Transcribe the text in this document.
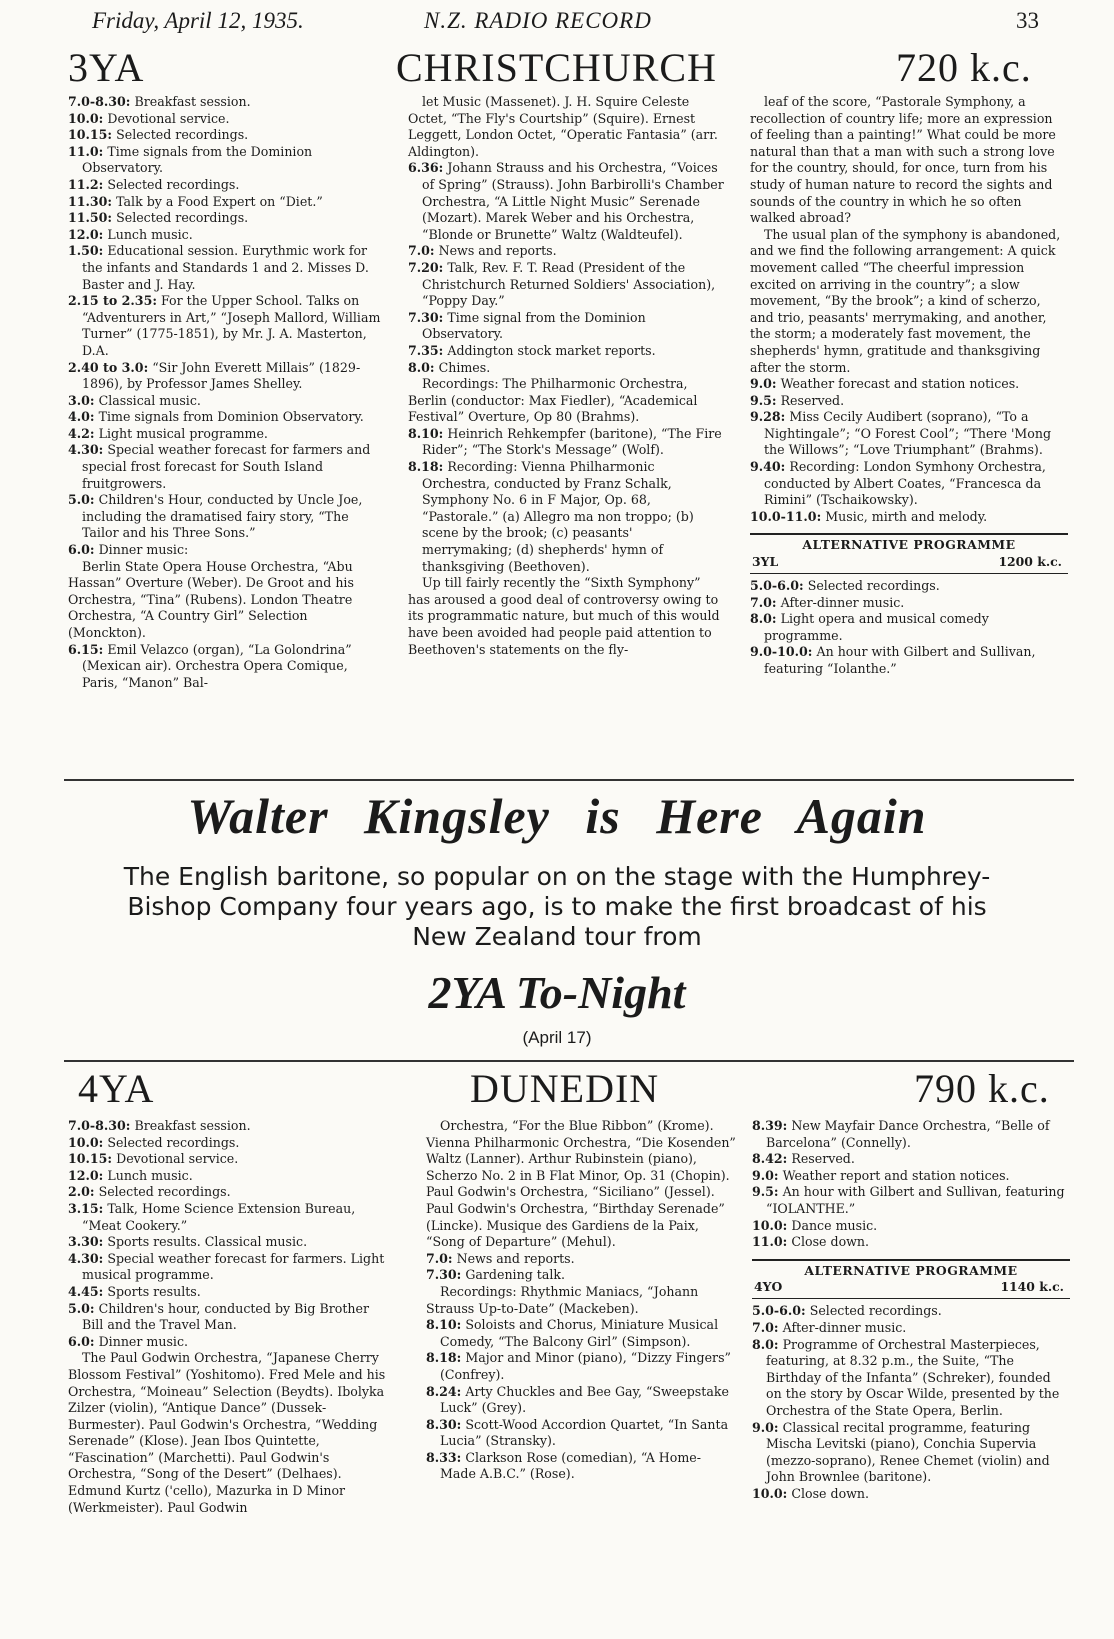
Friday, April 12, 1935.	N.Z. RADIO RECORD	33
3YA	CHRISTCHURCH	720 k.c.

7.0-8.30: Breakfast session.

10.0: Devotional service.

10.15: Selected recordings.

11.0: Time signals from the Dominion Observatory.

11.2: Selected recordings.

11.30: Talk by a Food Expert on “Diet.”

11.50: Selected recordings.

12.0: Lunch music.

1.50: Educational session. Eurythmic work for the infants and Standards 1 and 2. Misses D. Baster and J. Hay.

2.15 to 2.35: For the Upper School. Talks on “Adventurers in Art,” “Joseph Mallord, William Turner” (1775-1851), by Mr. J. A. Masterton, D.A.

2.40 to 3.0: “Sir John Everett Millais” (1829-1896), by Professor James Shelley.

3.0: Classical music.

4.0: Time signals from Dominion Observatory.

4.2: Light musical programme.

4.30: Special weather forecast for farmers and special frost forecast for South Island fruitgrowers.

5.0: Children's Hour, conducted by Uncle Joe, including the dramatised fairy story, “The Tailor and his Three Sons.”

6.0: Dinner music:

Berlin State Opera House Orchestra, “Abu Hassan” Overture (Weber). De Groot and his Orchestra, “Tina” (Rubens). London Theatre Orchestra, “A Country Girl” Selection (Monckton).

6.15: Emil Velazco (organ), “La Golondrina” (Mexican air). Orchestra Opera Comique, Paris, “Manon” Bal-

let Music (Massenet). J. H. Squire Celeste Octet, “The Fly's Courtship” (Squire). Ernest Leggett, London Octet, “Operatic Fantasia” (arr. Aldington).

6.36: Johann Strauss and his Orchestra, “Voices of Spring” (Strauss). John Barbirolli's Chamber Orchestra, “A Little Night Music” Serenade (Mozart). Marek Weber and his Orchestra, “Blonde or Brunette” Waltz (Waldteufel).

7.0: News and reports.

7.20: Talk, Rev. F. T. Read (President of the Christchurch Returned Soldiers' Association), “Poppy Day.”

7.30: Time signal from the Dominion Observatory.

7.35: Addington stock market reports.

8.0: Chimes.

Recordings: The Philharmonic Orchestra, Berlin (conductor: Max Fiedler), “Academical Festival” Overture, Op 80 (Brahms).

8.10: Heinrich Rehkempfer (baritone), “The Fire Rider”; “The Stork's Message” (Wolf).

8.18: Recording: Vienna Philharmonic Orchestra, conducted by Franz Schalk, Symphony No. 6 in F Major, Op. 68, “Pastorale.” (a) Allegro ma non troppo; (b) scene by the brook; (c) peasants' merrymaking; (d) shepherds' hymn of thanksgiving (Beethoven).

Up till fairly recently the “Sixth Symphony” has aroused a good deal of controversy owing to its programmatic nature, but much of this would have been avoided had people paid attention to Beethoven's statements on the fly-

leaf of the score, “Pastorale Symphony, a recollection of country life; more an expression of feeling than a painting!” What could be more natural than that a man with such a strong love for the country, should, for once, turn from his study of human nature to record the sights and sounds of the country in which he so often walked abroad?

The usual plan of the symphony is abandoned, and we find the following arrangement: A quick movement called “The cheerful impression excited on arriving in the country”; a slow movement, “By the brook”; a kind of scherzo, and trio, peasants' merrymaking, and another, the storm; a moderately fast movement, the shepherds' hymn, gratitude and thanksgiving after the storm.

9.0: Weather forecast and station notices.

9.5: Reserved.

9.28: Miss Cecily Audibert (soprano), “To a Nightingale”; “O Forest Cool”; “There 'Mong the Willows”; “Love Triumphant” (Brahms).

9.40: Recording: London Symhony Orchestra, conducted by Albert Coates, “Francesca da Rimini” (Tschaikowsky).

10.0-11.0: Music, mirth and melody.

ALTERNATIVE PROGRAMME
3YL	1200 k.c.

5.0-6.0: Selected recordings.

7.0: After-dinner music.

8.0: Light opera and musical comedy programme.

9.0-10.0: An hour with Gilbert and Sullivan, featuring “Iolanthe.”

Walter Kingsley is Here Again
The English baritone, so popular on on the stage with the Humphrey-Bishop Company four years ago, is to make the first broadcast of his New Zealand tour from
2YA To-Night
(April 17)
4YA	DUNEDIN	790 k.c.

7.0-8.30: Breakfast session.

10.0: Selected recordings.

10.15: Devotional service.

12.0: Lunch music.

2.0: Selected recordings.

3.15: Talk, Home Science Extension Bureau, “Meat Cookery.”

3.30: Sports results. Classical music.

4.30: Special weather forecast for farmers. Light musical programme.

4.45: Sports results.

5.0: Children's hour, conducted by Big Brother Bill and the Travel Man.

6.0: Dinner music.

The Paul Godwin Orchestra, “Japanese Cherry Blossom Festival” (Yoshitomo). Fred Mele and his Orchestra, “Moineau” Selection (Beydts). Ibolyka Zilzer (violin), “Antique Dance” (Dussek-Burmester). Paul Godwin's Orchestra, “Wedding Serenade” (Klose). Jean Ibos Quintette, “Fascination” (Marchetti). Paul Godwin's Orchestra, “Song of the Desert” (Delhaes). Edmund Kurtz ('cello), Mazurka in D Minor (Werkmeister). Paul Godwin

Orchestra, “For the Blue Ribbon” (Krome). Vienna Philharmonic Orchestra, “Die Kosenden” Waltz (Lanner). Arthur Rubinstein (piano), Scherzo No. 2 in B Flat Minor, Op. 31 (Chopin). Paul Godwin's Orchestra, “Siciliano” (Jessel). Paul Godwin's Orchestra, “Birthday Serenade” (Lincke). Musique des Gardiens de la Paix, “Song of Departure” (Mehul).

7.0: News and reports.

7.30: Gardening talk.

Recordings: Rhythmic Maniacs, “Johann Strauss Up-to-Date” (Mackeben).

8.10: Soloists and Chorus, Miniature Musical Comedy, “The Balcony Girl” (Simpson).

8.18: Major and Minor (piano), “Dizzy Fingers” (Confrey).

8.24: Arty Chuckles and Bee Gay, “Sweepstake Luck” (Grey).

8.30: Scott-Wood Accordion Quartet, “In Santa Lucia” (Stransky).

8.33: Clarkson Rose (comedian), “A Home-Made A.B.C.” (Rose).

8.39: New Mayfair Dance Orchestra, “Belle of Barcelona” (Connelly).

8.42: Reserved.

9.0: Weather report and station notices.

9.5: An hour with Gilbert and Sullivan, featuring

“IOLANTHE.”

10.0: Dance music.

11.0: Close down.

ALTERNATIVE PROGRAMME
4YO	1140 k.c.

5.0-6.0: Selected recordings.

7.0: After-dinner music.

8.0: Programme of Orchestral Masterpieces, featuring, at 8.32 p.m., the Suite, “The Birthday of the Infanta” (Schreker), founded on the story by Oscar Wilde, presented by the Orchestra of the State Opera, Berlin.

9.0: Classical recital programme, featuring Mischa Levitski (piano), Conchia Supervia (mezzo-soprano), Renee Chemet (violin) and John Brownlee (baritone).

10.0: Close down.
